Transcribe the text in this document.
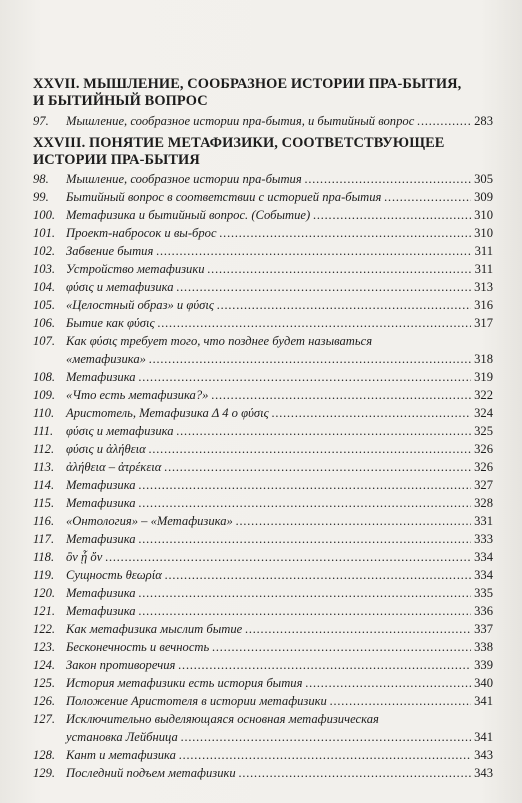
XXVII. МЫШЛЕНИЕ, СООБРАЗНОЕ ИСТОРИИ ПРА-БЫТИЯ,
И БЫТИЙНЫЙ ВОПРОС
97.	Мышление, сообразное истории пра-бытия, и бытийный вопрос . . .	283
XXVIII. ПОНЯТИЕ МЕТАФИЗИКИ, СООТВЕТСТВУЮЩЕЕ
ИСТОРИИ ПРА-БЫТИЯ
98.	Мышление, сообразное истории пра-бытия . . .	305
99.	Бытийный вопрос в соответствии с историей пра-бытия . . .	309
100. Метафизика и бытийный вопрос. (Событие) . . .	310
101. Проект-набросок и вы-брос . . .	310
102. Забвение бытия . . .	311
103. Устройство метафизики . . .	311
104. φύσις и метафизика . . .	313
105. «Целостный образ» и φύσις . . .	316
106. Бытие как φύσις . . .	317
107. Как φύσις требует того, что позднее будет называться
«метафизика» . . .	318
108. Метафизика . . .	319
109. «Что есть метафизика?» . . .	322
110. Аристотель, Метафизика Δ 4 о φύσις . . .	324
111.	φύσις и метафизика . . .	325
112. φύσις и ἀλήθεια . . .	326
113. ἀλήθεια – ἀτρέκεια . . .	326
114. Метафизика . . .	327
115. Метафизика . . .	328
116. «Онтология» – «Метафизика» . . .	331
117. Метафизика . . .	333
118. ὂν ᾗ ὄν . . .	334
119. Сущность θεωρία . . .	334
120. Метафизика . . .	335
121. Метафизика . . .	336
122. Как метафизика мыслит бытие . . .	337
123. Бесконечность и вечность . . .	338
124. Закон противоречия . . .	339
125. История метафизики есть история бытия . . .	340
126. Положение Аристотеля в истории метафизики . . .	341
127. Исключительно выделяющаяся основная метафизическая
установка Лейбница . . .	341
128. Кант и метафизика . . .	343
129. Последний подъем метафизики . . .	343
